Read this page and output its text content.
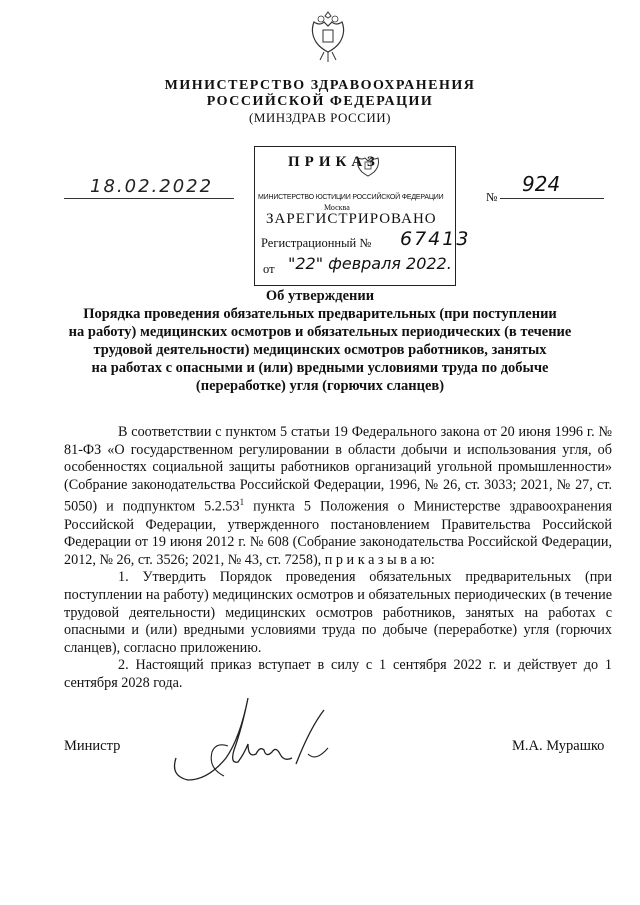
МИНИСТЕРСТВО ЗДРАВООХРАНЕНИЯ
РОССИЙСКОЙ ФЕДЕРАЦИИ
(МИНЗДРАВ РОССИИ)
18.02.2022
ПРИКАЗ
МИНИСТЕРСТВО ЮСТИЦИИ РОССИЙСКОЙ ФЕДЕРАЦИИ
Москва
ЗАРЕГИСТРИРОВАНО
Регистрационный № 67413
от "22" февраля 2022.
№
924
Об утверждении
Порядка проведения обязательных предварительных (при поступлении
на работу) медицинских осмотров и обязательных периодических (в течение
трудовой деятельности) медицинских осмотров работников, занятых
на работах с опасными и (или) вредными условиями труда по добыче
(переработке) угля (горючих сланцев)

В соответствии с пунктом 5 статьи 19 Федерального закона от 20 июня 1996 г. № 81-ФЗ «О государственном регулировании в области добычи и использования угля, об особенностях социальной защиты работников организаций угольной промышленности» (Собрание законодательства Российской Федерации, 1996, № 26, ст. 3033; 2021, № 27, ст. 5050) и подпунктом 5.2.53$^1$ пункта 5 Положения о Министерстве здравоохранения Российской Федерации, утвержденного постановлением Правительства Российской Федерации от 19 июня 2012 г. № 608 (Собрание законодательства Российской Федерации, 2012, № 26, ст. 3526; 2021, № 43, ст. 7258), п р и к а з ы в а ю:

1. Утвердить Порядок проведения обязательных предварительных (при поступлении на работу) медицинских осмотров и обязательных периодических (в течение трудовой деятельности) медицинских осмотров работников, занятых на работах с опасными и (или) вредными условиями труда по добыче (переработке) угля (горючих сланцев), согласно приложению.

2. Настоящий приказ вступает в силу с 1 сентября 2022 г. и действует до 1 сентября 2028 года.

Министр	М.А. Мурашко
